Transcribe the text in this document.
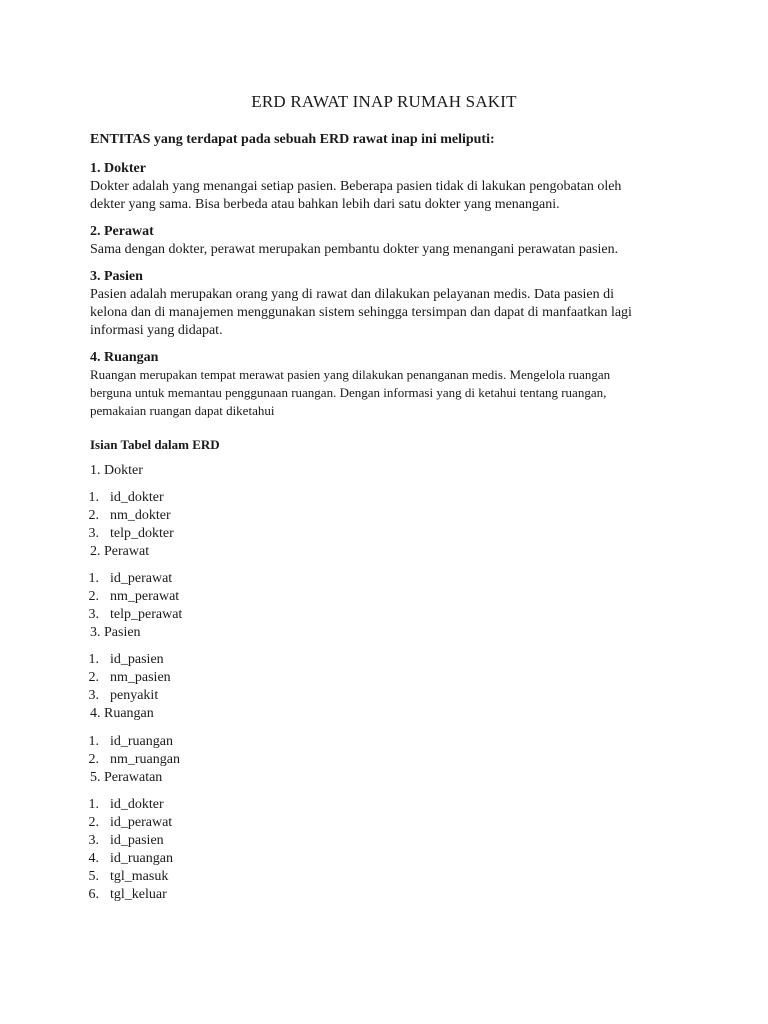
ERD RAWAT INAP RUMAH SAKIT
ENTITAS yang terdapat pada sebuah ERD rawat inap ini meliputi:
1. Dokter
Dokter adalah yang menangai setiap pasien. Beberapa pasien tidak di lakukan pengobatan oleh
dekter yang sama. Bisa berbeda atau bahkan lebih dari satu dokter yang menangani.
2. Perawat
Sama dengan dokter, perawat merupakan pembantu dokter yang menangani perawatan pasien.
3. Pasien
Pasien adalah merupakan orang yang di rawat dan dilakukan pelayanan medis. Data pasien di
kelona dan di manajemen menggunakan sistem sehingga tersimpan dan dapat di manfaatkan lagi
informasi yang didapat.
4. Ruangan
Ruangan merupakan tempat merawat pasien yang dilakukan penanganan medis. Mengelola ruangan
berguna untuk memantau penggunaan ruangan. Dengan informasi yang di ketahui tentang ruangan,
pemakaian ruangan dapat diketahui
Isian Tabel dalam ERD
1. Dokter
1. id_dokter
2. nm_dokter
3. telp_dokter
2. Perawat
1. id_perawat
2. nm_perawat
3. telp_perawat
3. Pasien
1. id_pasien
2. nm_pasien
3. penyakit
4. Ruangan
1. id_ruangan
2. nm_ruangan
5. Perawatan
1. id_dokter
2. id_perawat
3. id_pasien
4. id_ruangan
5. tgl_masuk
6. tgl_keluar
